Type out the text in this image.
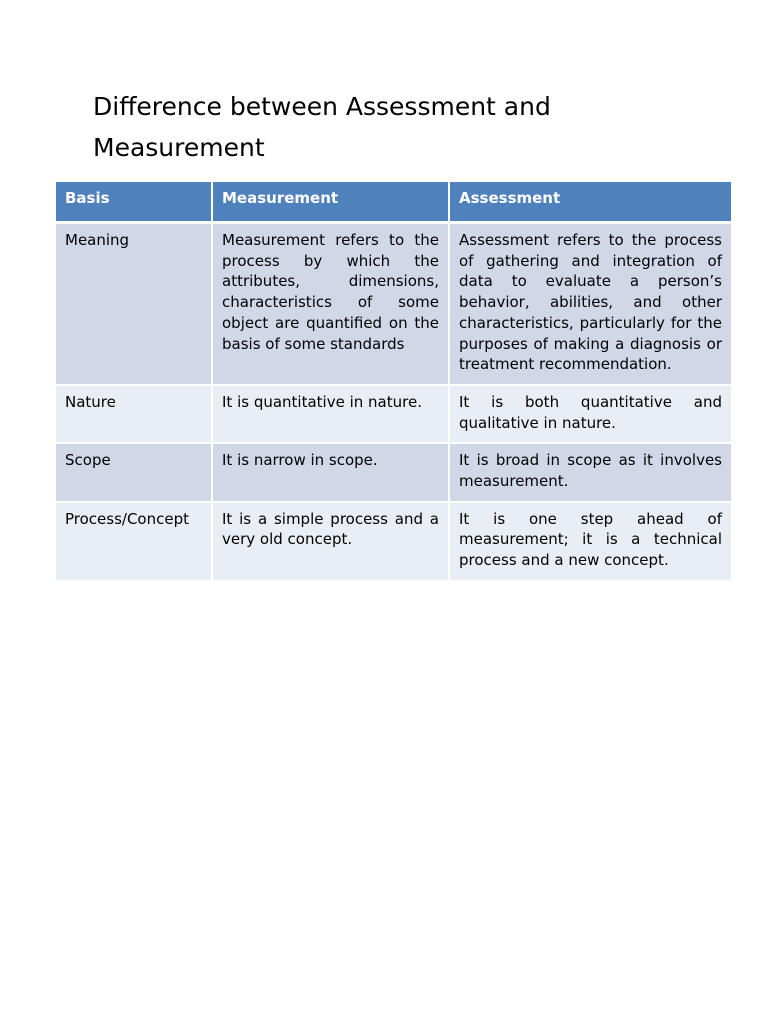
Difference between Assessment and Measurement
Basis	Measurement	Assessment
Meaning	Measurement refers to the process by which the attributes, dimensions, characteristics of some object are quantified on the basis of some standards	Assessment refers to the process of gathering and integration of data to evaluate a person’s behavior, abilities, and other characteristics, particularly for the purposes of making a diagnosis or treatment recommendation.
Nature	It is quantitative in nature.	It is both quantitative and qualitative in nature.
Scope	It is narrow in scope.	It is broad in scope as it involves measurement.
Process/Concept	It is a simple process and a very old concept.	It is one step ahead of measurement; it is a technical process and a new concept.
